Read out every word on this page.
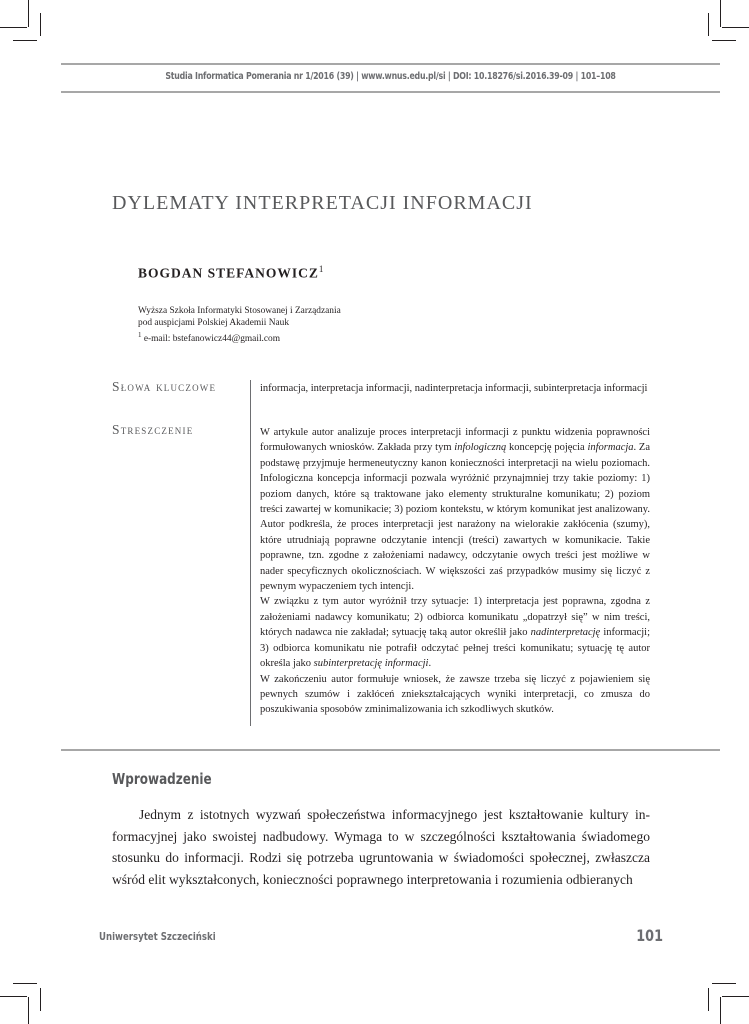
Studia Informatica Pomerania nr 1/2016 (39) | www.wnus.edu.pl/si | DOI: 10.18276/si.2016.39-09 | 101–108
DYLEMATY INTERPRETACJI INFORMACJI
BOGDAN STEFANOWICZ$^1$
Wyższa Szkoła Informatyki Stosowanej i Zarządzania
pod auspicjami Polskiej Akademii Nauk
$^1$ e-mail: bstefanowicz44@gmail.com
Słowa kluczowe	informacja, interpretacja informacji, nadinterpretacja informacji, subinterpretacja informacji

Streszczenie	W artykule autor analizuje proces interpretacji informacji z punktu widzenia poprawności formułowanych wniosków. Zakłada przy tym infologiczną koncepcję pojęcia informacja. Za podstawę przyjmuje hermeneutyczny kanon konieczności interpretacji na wielu poziomach. Infologiczna koncepcja informacji pozwala wyróżnić przynajmniej trzy takie poziomy: 1) poziom danych, które są traktowane jako elementy strukturalne komunikatu; 2) poziom treści zawartej w komunikacie; 3) poziom kontekstu, w którym komunikat jest analizowany. Autor podkreśla, że proces interpretacji jest narażony na wielorakie zakłócenia (szumy), które utrudniają poprawne odczytanie intencji (treści) zawartych w komunikacie. Takie poprawne, tzn. zgodne z założeniami nadawcy, odczytanie owych treści jest możliwe w nader specyficznych okolicznościach. W większości zaś przypadków musimy się liczyć z pewnym wypaczeniem tych intencji.

W związku z tym autor wyróżnił trzy sytuacje: 1) interpretacja jest poprawna, zgodna z założeniami nadawcy komunikatu; 2) odbiorca komunikatu „dopatrzył się” w nim treści, których nadawca nie zakładał; sytuację taką autor określił jako nadinterpretację informacji; 3) odbiorca komunikatu nie potrafił odczytać pełnej treści komunikatu; sytuację tę autor określa jako subinterpretację informacji.

W zakończeniu autor formułuje wniosek, że zawsze trzeba się liczyć z pojawieniem się pewnych szumów i zakłóceń zniekształcających wyniki interpretacji, co zmusza do poszukiwania sposobów zminimalizowania ich szkodliwych skutków.

Wprowadzenie

Jednym z istotnych wyzwań społeczeństwa informacyjnego jest kształtowanie kultury informacyjnej jako swoistej nadbudowy. Wymaga to w szczególności kształtowania świadomego stosunku do informacji. Rodzi się potrzeba ugruntowania w świadomości społecznej, zwłaszcza wśród elit wykształconych, konieczności poprawnego interpretowania i rozumienia odbieranych

Uniwersytet Szczeciński	101
